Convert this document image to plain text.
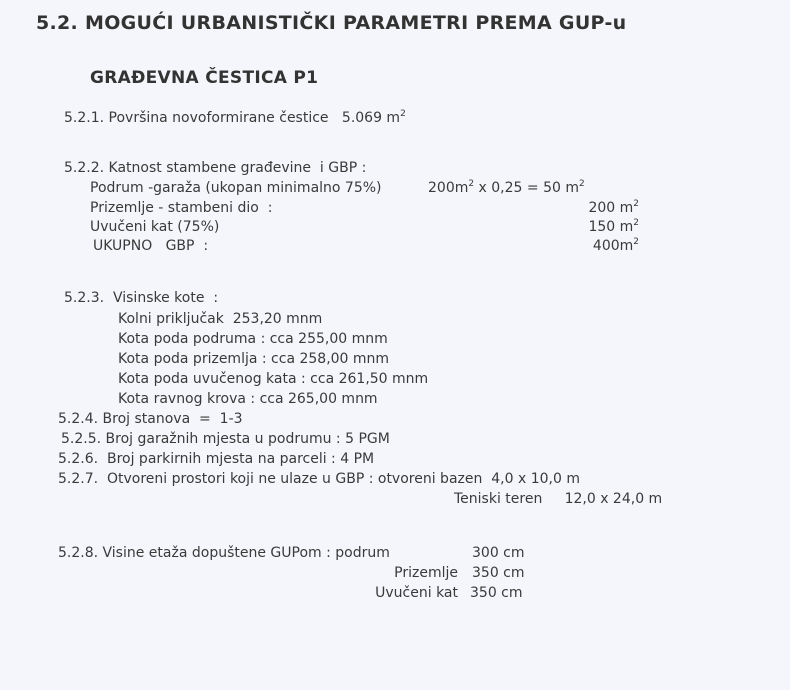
5.2. MOGUĆI URBANISTIČKI PARAMETRI PREMA GUP-u
GRAĐEVNA ČESTICA P1
5.2.1. Površina novoformirane čestice 5.069 $m^2$
5.2.2. Katnost stambene građevine  i GBP :
Podrum -garaža (ukopan minimalno 75%)	$200m^2$ x 0,25 = 50 $m^2$
Prizemlje - stambeni dio  :	200 $m^2$
Uvučeni kat (75%)	150 $m^2$
UKUPNO   GBP  :	$400m^2$
5.2.3.  Visinske kote  :
Kolni priključak  253,20 mnm
Kota poda podruma : cca 255,00 mnm
Kota poda prizemlja : cca 258,00 mnm
Kota poda uvučenog kata : cca 261,50 mnm
Kota ravnog krova : cca 265,00 mnm
5.2.4. Broj stanova  =  1-3
5.2.5. Broj garažnih mjesta u podrumu : 5 PGM
5.2.6.  Broj parkirnih mjesta na parceli : 4 PM
5.2.7.  Otvoreni prostori koji ne ulaze u GBP : otvoreni bazen  4,0 x 10,0 m
Teniski teren     12,0 x 24,0 m
5.2.8. Visine etaža dopuštene GUPom : podrum	300 cm
Prizemlje 350 cm
Uvučeni kat 350 cm
